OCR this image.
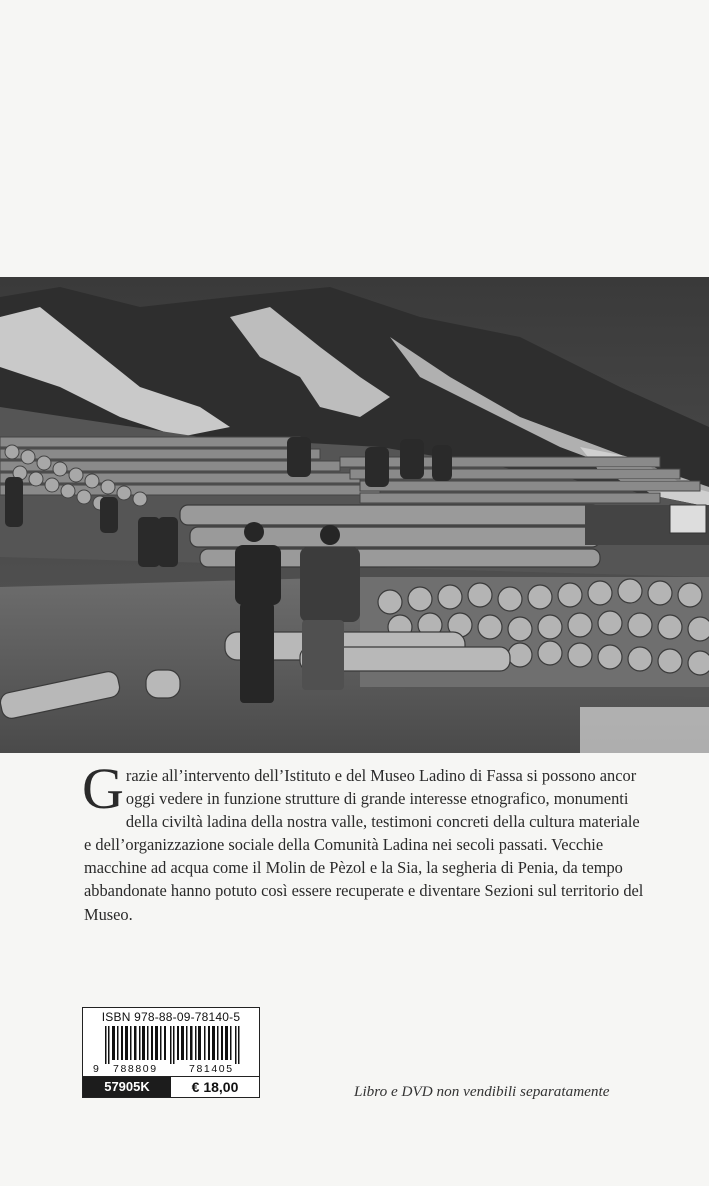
Grazie all’intervento dell’Istituto e del Museo Ladino di Fassa si possono ancor oggi vedere in funzione strutture di grande interesse etnografico, monumenti della civiltà ladina della nostra valle, testimoni concreti della cultura materiale e dell’organizzazione sociale della Comunità Ladina nei secoli passati. Vecchie macchine ad acqua come il Molin de Pèzol e la Sia, la segheria di Penia, da tempo abbandonate hanno potuto così essere recuperate e diventare Sezioni sul territorio del Museo.

ISBN 978-88-09-78140-5
9 788809	781405
57905K	€ 18,00	Libro e DVD non vendibili separatamente
